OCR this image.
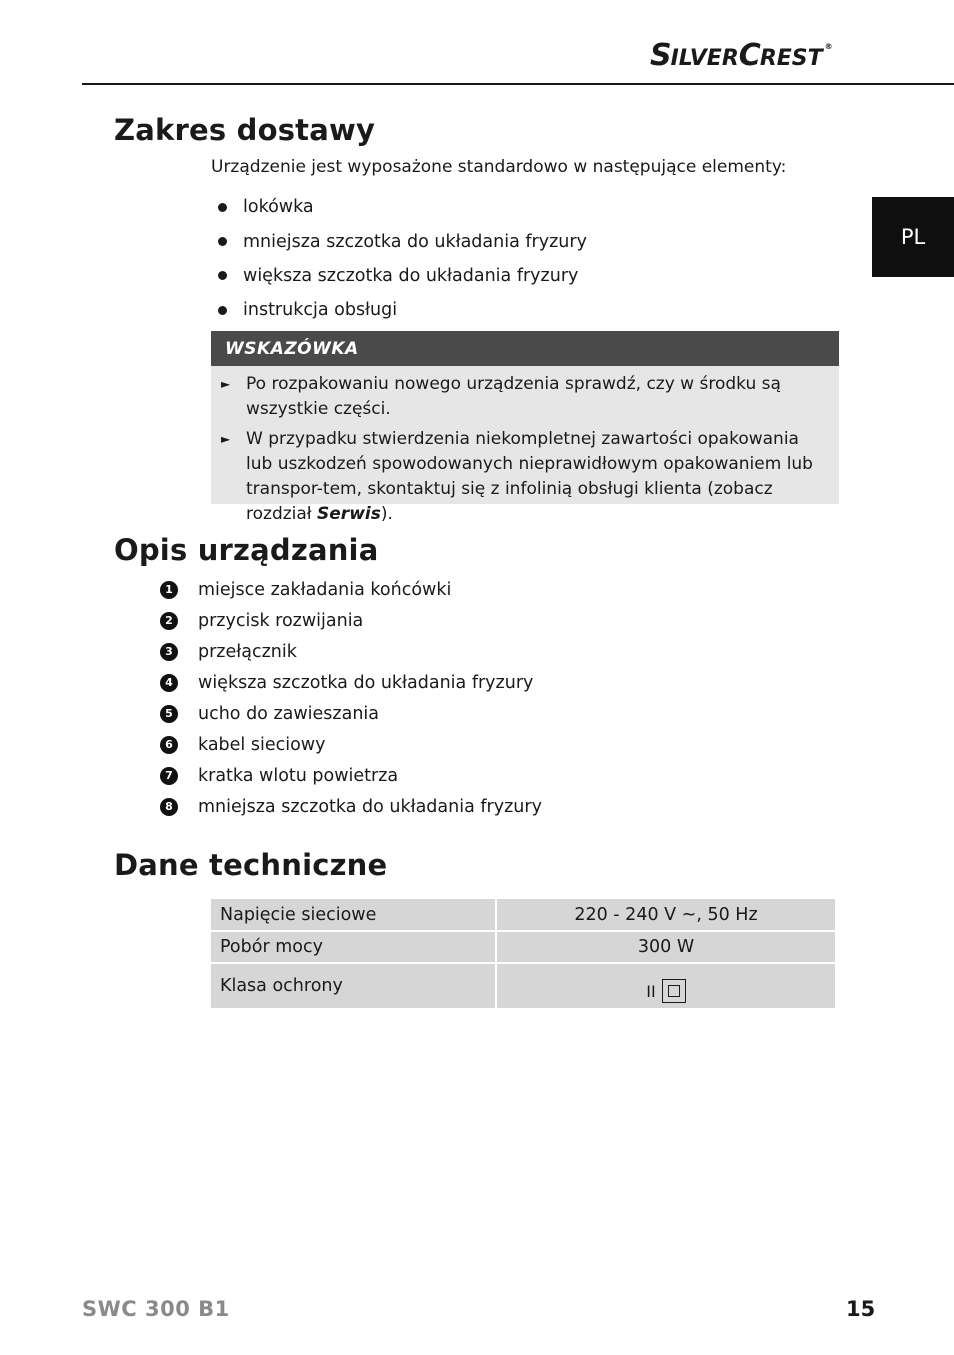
SILVERCREST ®
PL
Zakres dostawy
Urządzenie jest wyposażone standardowo w następujące elementy:
lokówka
mniejsza szczotka do układania fryzury
większa szczotka do układania fryzury
instrukcja obsługi
WSKAZÓWKA
► Po rozpakowaniu nowego urządzenia sprawdź, czy w środku są wszystkie części.
► W przypadku stwierdzenia niekompletnej zawartości opakowania lub uszkodzeń spowodowanych nieprawidłowym opakowaniem lub transpor-tem, skontaktuj się z infolinią obsługi klienta (zobacz rozdział Serwis).
Opis urządzania
1 miejsce zakładania końcówki
2 przycisk rozwijania
3 przełącznik
4 większa szczotka do układania fryzury
5 ucho do zawieszania
6 kabel sieciowy
7 kratka wlotu powietrza
8 mniejsza szczotka do układania fryzury
Dane techniczne
Napięcie sieciowe	220 - 240 V ~, 50 Hz
Pobór mocy	300 W
Klasa ochrony	II
SWC 300 B1	15
